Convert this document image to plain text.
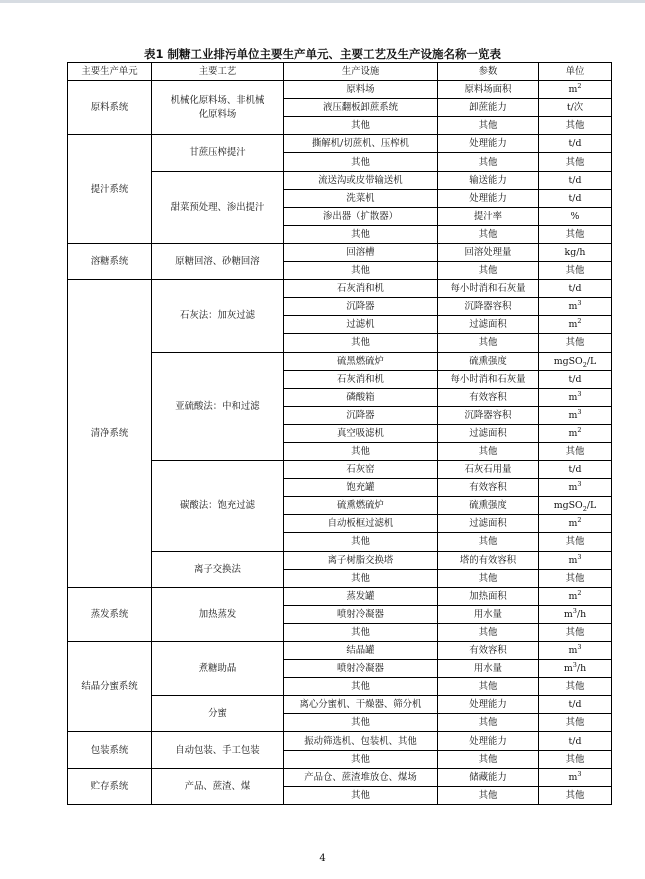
表1 制糖工业排污单位主要生产单元、主要工艺及生产设施名称一览表
主要生产单元	主要工艺	生产设施	参数	单位
原料系统	机械化原料场、非机械化原料场	原料场	原料场面积	$m^2$
		液压翻板卸蔗系统	卸蔗能力	t/次
		其他	其他	其他
提汁系统	甘蔗压榨提汁	撕解机/切蔗机、压榨机	处理能力	t/d
		其他	其他	其他
	甜菜预处理、渗出提汁	流送沟或皮带输送机	输送能力	t/d
		洗菜机	处理能力	t/d
		渗出器（扩散器）	提汁率	%
		其他	其他	其他
溶糖系统	原糖回溶、砂糖回溶	回溶槽	回溶处理量	kg/h
		其他	其他	其他
清净系统	石灰法：加灰过滤	石灰消和机	每小时消和石灰量	t/d
		沉降器	沉降器容积	$m^3$
		过滤机	过滤面积	$m^2$
		其他	其他	其他
	亚硫酸法：中和过滤	硫黑燃硫炉	硫熏强度	mgSO$_2$/L
		石灰消和机	每小时消和石灰量	t/d
		磷酸箱	有效容积	$m^3$
		沉降器	沉降器容积	$m^3$
		真空吸滤机	过滤面积	$m^2$
		其他	其他	其他
	碳酸法：饱充过滤	石灰窑	石灰石用量	t/d
		饱充罐	有效容积	$m^3$
		硫熏燃硫炉	硫熏强度	mgSO$_2$/L
		自动板框过滤机	过滤面积	$m^2$
		其他	其他	其他
	离子交换法	离子树脂交换塔	塔的有效容积	$m^3$
		其他	其他	其他
蒸发系统	加热蒸发	蒸发罐	加热面积	$m^2$
		喷射冷凝器	用水量	$m^3/h$
		其他	其他	其他
结晶分蜜系统	煮糖助晶	结晶罐	有效容积	$m^3$
		喷射冷凝器	用水量	$m^3/h$
		其他	其他	其他
	分蜜	离心分蜜机、干燥器、筛分机	处理能力	t/d
		其他	其他	其他
包装系统	自动包装、手工包装	振动筛选机、包装机、其他	处理能力	t/d
		其他	其他	其他
贮存系统	产品、蔗渣、煤	产品仓、蔗渣堆放仓、煤场	储藏能力	$m^3$
		其他	其他	其他
4
